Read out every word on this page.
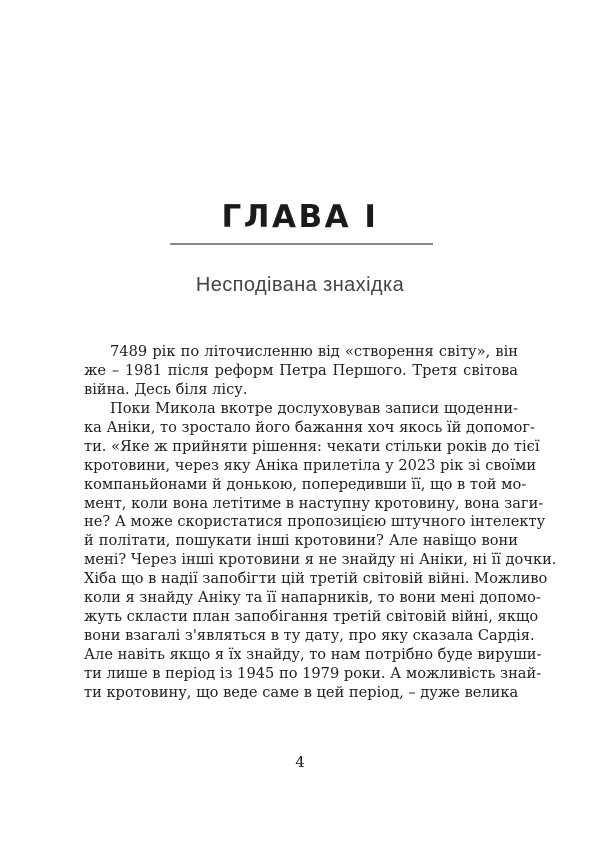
ГЛАВА І
Несподівана знахідка
7489 рік по літочисленню від «створення світу», він
же – 1981 після реформ Петра Першого. Третя світова
війна. Десь біля лісу.
Поки Микола вкотре дослуховував записи щоденни-
ка Аніки, то зростало його бажання хоч якось їй допомог-
ти. «Яке ж прийняти рішення: чекати стільки років до тієї
кротовини, через яку Аніка прилетіла у 2023 рік зі своїми
компаньйонами й донькою, попередивши її, що в той мо-
мент, коли вона летітиме в наступну кротовину, вона заги-
не? А може скористатися пропозицією штучного інтелекту
й політати, пошукати інші кротовини? Але навіщо вони
мені? Через інші кротовини я не знайду ні Аніки, ні її дочки.
Хіба що в надії запобігти цій третій світовій війні. Можливо
коли я знайду Аніку та її напарників, то вони мені допомо-
жуть скласти план запобігання третій світовій війні, якщо
вони взагалі з'являться в ту дату, про яку сказала Сардія.
Але навіть якщо я їх знайду, то нам потрібно буде вируши-
ти лише в період із 1945 по 1979 роки. А можливість знай-
ти кротовину, що веде саме в цей період, – дуже велика
4
